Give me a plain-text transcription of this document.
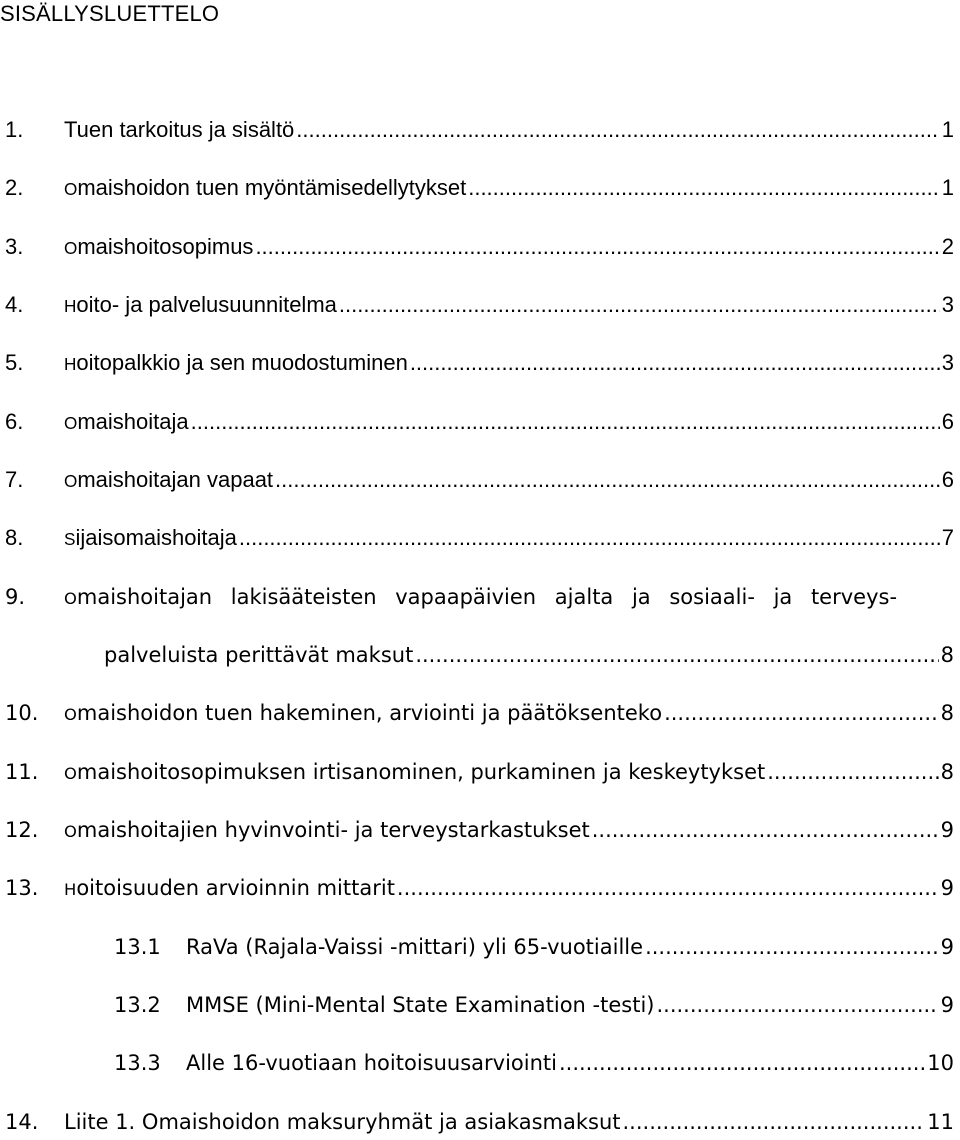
SISÄLLYSLUETTELO
1. Tuen tarkoitus ja sisältö .....	1
2. Omaishoidon tuen myöntämisedellytykset .....	1
3. Omaishoitosopimus .....	2
4. Hoito- ja palvelusuunnitelma .....	3
5. Hoitopalkkio ja sen muodostuminen .....	3
6. Omaishoitaja .....	6
7. Omaishoitajan vapaat .....	6
8. Sijaisomaishoitaja .....	7
9. Omaishoitajan lakisääteisten vapaapäivien ajalta ja sosiaali- ja terveys-
palveluista perittävät maksut .....	8
10. Omaishoidon tuen hakeminen, arviointi ja päätöksenteko .....	8
11. Omaishoitosopimuksen irtisanominen, purkaminen ja keskeytykset .....	8
12. Omaishoitajien hyvinvointi- ja terveystarkastukset .....	9
13. Hoitoisuuden arvioinnin mittarit .....	9
13.1 RaVa (Rajala-Vaissi -mittari) yli 65-vuotiaille .....	9
13.2 MMSE (Mini-Mental State Examination -testi) .....	9
13.3 Alle 16-vuotiaan hoitoisuusarviointi .....	10
14. Liite 1. Omaishoidon maksuryhmät ja asiakasmaksut .....	11
